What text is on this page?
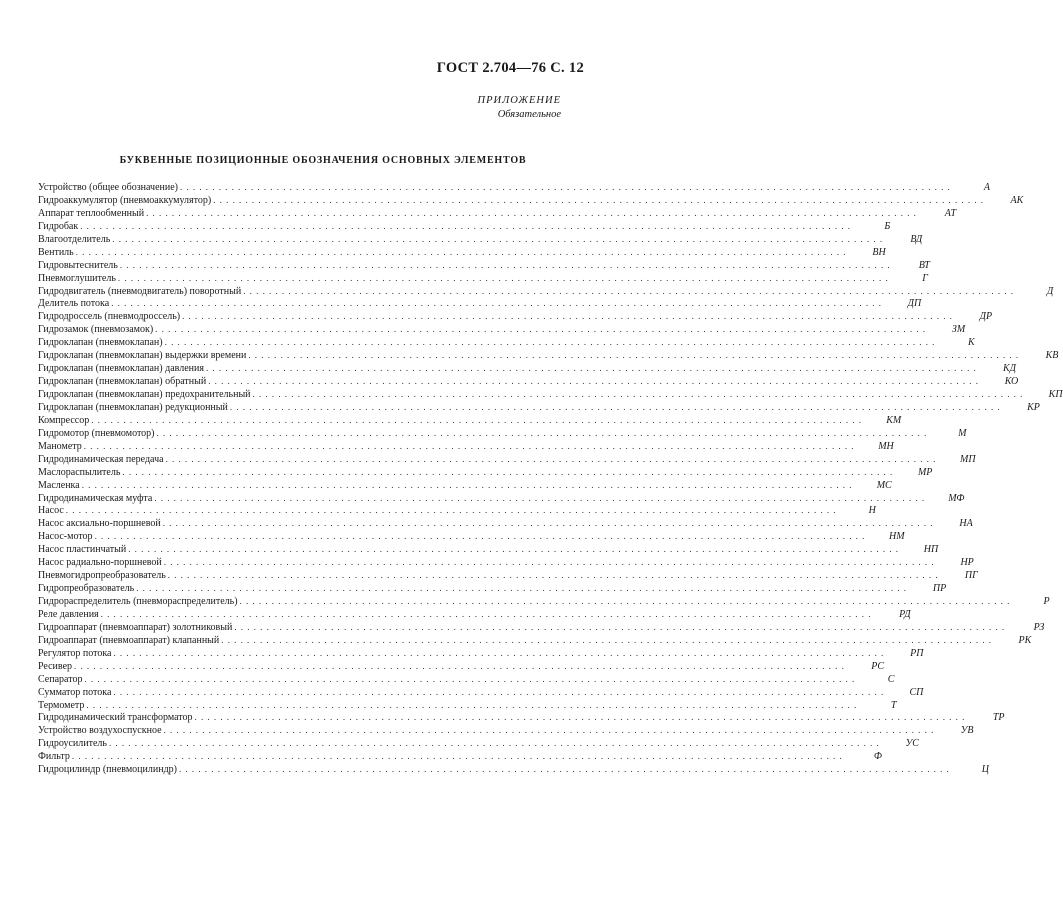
ГОСТ 2.704—76 С. 12
ПРИЛОЖЕНИЕ
Обязательное
БУКВЕННЫЕ ПОЗИЦИОННЫЕ ОБОЗНАЧЕНИЯ ОСНОВНЫХ ЭЛЕМЕНТОВ
Устройство (общее обозначение) ........................................................................................................................	А
Гидроаккумулятор (пневмоаккумулятор) ........................................................................................................................	АК
Аппарат теплообменный ........................................................................................................................	АТ
Гидробак ........................................................................................................................	Б
Влагоотделитель ........................................................................................................................	ВД
Вентиль ........................................................................................................................	ВН
Гидровытеснитель ........................................................................................................................	ВТ
Пневмоглушитель ........................................................................................................................	Г
Гидродвигатель (пневмодвигатель) поворотный ........................................................................................................................	Д
Делитель потока ........................................................................................................................	ДП
Гидродроссель (пневмодроссель) ........................................................................................................................	ДР
Гидрозамок (пневмозамок) ........................................................................................................................	ЗМ
Гидроклапан (пневмоклапан) ........................................................................................................................	К
Гидроклапан (пневмоклапан) выдержки времени ........................................................................................................................	КВ
Гидроклапан (пневмоклапан) давления ........................................................................................................................	КД
Гидроклапан (пневмоклапан) обратный ........................................................................................................................	КО
Гидроклапан (пневмоклапан) предохранительный ........................................................................................................................	КП
Гидроклапан (пневмоклапан) редукционный ........................................................................................................................	КР
Компрессор ........................................................................................................................	КМ
Гидромотор (пневмомотор) ........................................................................................................................	М
Манометр ........................................................................................................................	МН
Гидродинамическая передача ........................................................................................................................	МП
Маслораспылитель ........................................................................................................................	МР
Масленка ........................................................................................................................	МС
Гидродинамическая муфта ........................................................................................................................	МФ
Насос ........................................................................................................................	Н
Насос аксиально-поршневой ........................................................................................................................	НА
Насос-мотор ........................................................................................................................	НМ
Насос пластинчатый ........................................................................................................................	НП
Насос радиально-поршневой ........................................................................................................................	НР
Пневмогидропреобразователь ........................................................................................................................	ПГ
Гидропреобразователь ........................................................................................................................	ПР
Гидрораспределитель (пневмораспределитель) ........................................................................................................................	Р
Реле давления ........................................................................................................................	РД
Гидроаппарат (пневмоаппарат) золотниковый ........................................................................................................................	РЗ
Гидроаппарат (пневмоаппарат) клапанный ........................................................................................................................	РК
Регулятор потока ........................................................................................................................	РП
Ресивер ........................................................................................................................	РС
Сепаратор ........................................................................................................................	С
Сумматор потока ........................................................................................................................	СП
Термометр ........................................................................................................................	Т
Гидродинамический трансформатор ........................................................................................................................	ТР
Устройство воздухоспускное ........................................................................................................................	УВ
Гидроусилитель ........................................................................................................................	УС
Фильтр ........................................................................................................................	Ф
Гидроцилиндр (пневмоцилиндр) ........................................................................................................................	Ц
